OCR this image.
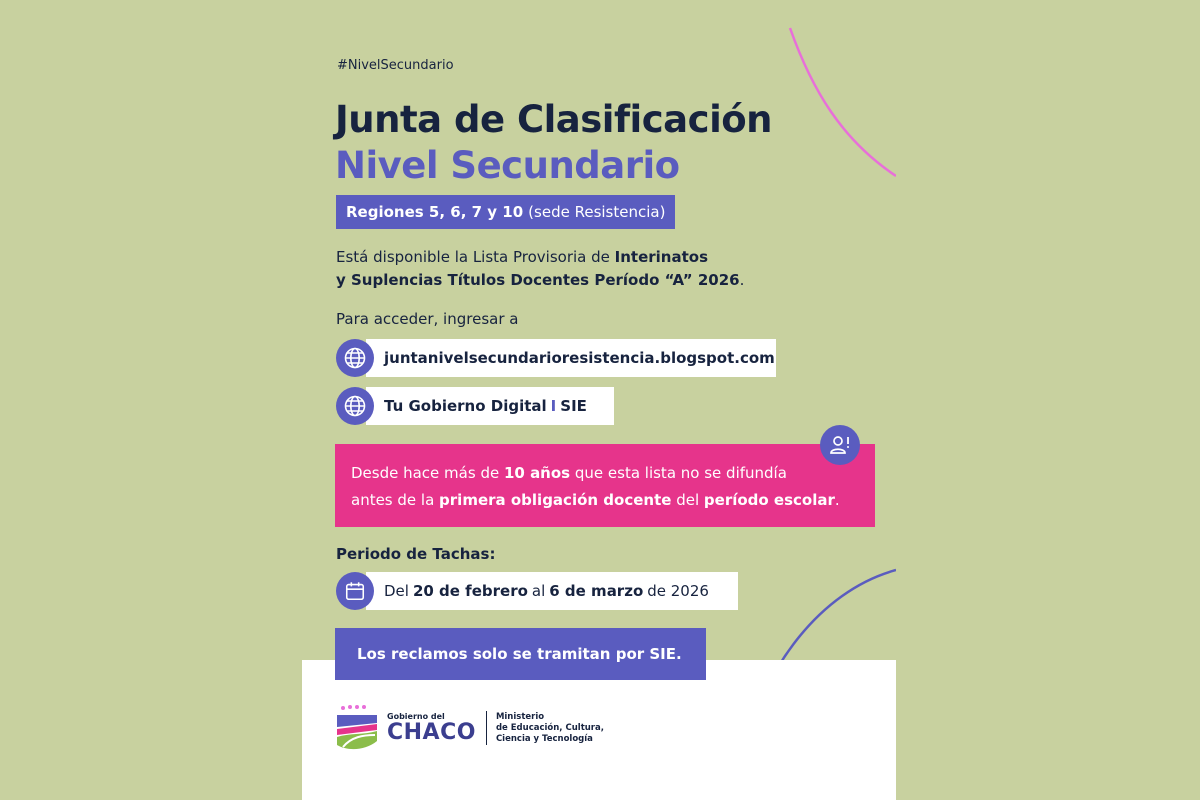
#NivelSecundario
Junta de Clasificación
Nivel Secundario
Regiones 5, 6, 7 y 10 (sede Resistencia)
Está disponible la Lista Provisoria de Interinatos
y Suplencias Títulos Docentes Período “A” 2026.
Para acceder, ingresar a
juntanivelsecundarioresistencia.blogspot.com
Tu Gobierno Digital I SIE
Desde hace más de 10 años que esta lista no se difundía
antes de la primera obligación docente del período escolar.
Periodo de Tachas:
Del 20 de febrero al 6 de marzo de 2026
Los reclamos solo se tramitan por SIE.
Gobierno del
CHACO
Ministerio
de Educación, Cultura,
Ciencia y Tecnología
